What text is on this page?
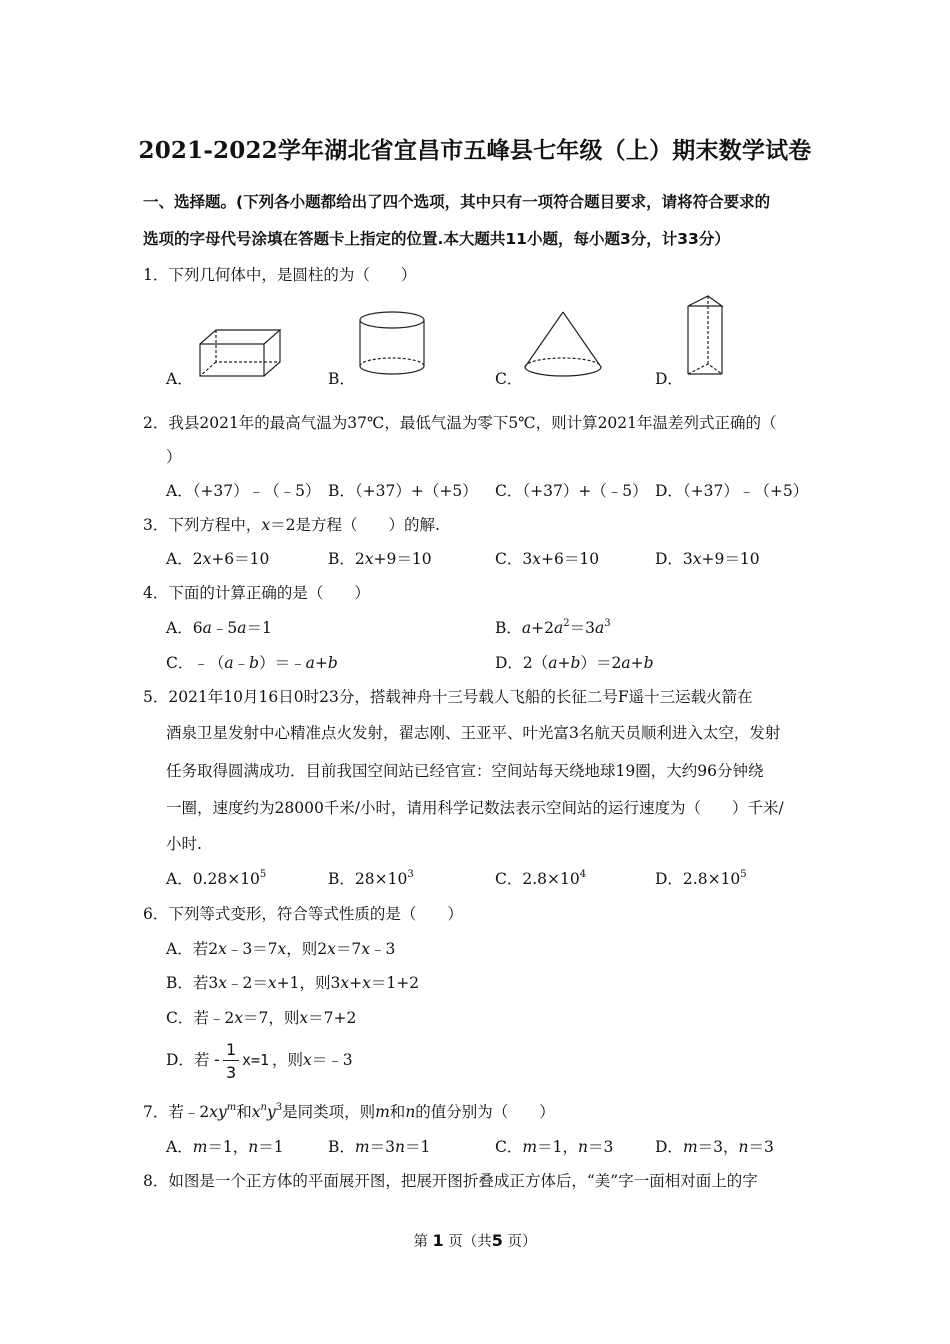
2021-2022学年湖北省宜昌市五峰县七年级（上）期末数学试卷
一、选择题。(下列各小题都给出了四个选项，其中只有一项符合题目要求，请将符合要求的
选项的字母代号涂填在答题卡上指定的位置.本大题共11小题，每小题3分，计33分）
1．下列几何体中，是圆柱的为（　　）
A．	B．	C．	D．
2．我县2021年的最高气温为37℃，最低气温为零下5℃，则计算2021年温差列式正确的（
）
A．（+37）﹣（﹣5） B．（+37）+（+5） C．（+37）+（﹣5） D．（+37）﹣（+5）
3．下列方程中，x＝2是方程（　　）的解.
A．2x+6＝10	B．2x+9＝10	C．3x+6＝10	D．3x+9＝10
4．下面的计算正确的是（　　）
A．6a﹣5a＝1	B．$a+2a^2=3a^3$
C．﹣（a﹣b）＝﹣a+b	D．2（a+b）＝2a+b
5．2021年10月16日0时23分，搭载神舟十三号载人飞船的长征二号F遥十三运载火箭在
酒泉卫星发射中心精准点火发射，翟志刚、王亚平、叶光富3名航天员顺利进入太空，发射
任务取得圆满成功．目前我国空间站已经官宣：空间站每天绕地球19圈，大约96分钟绕
一圈，速度约为28000千米/小时，请用科学记数法表示空间站的运行速度为（　　）千米/
小时.
A．$0.28\times 10^5$	B．$28\times 10^3$	C．$2.8\times 10^4$	D．$2.8\times 10^5$
6．下列等式变形，符合等式性质的是（　　）
A．若2x﹣3＝7x，则2x＝7x﹣3
B．若3x﹣2＝x+1，则3x+x＝1+2
C．若﹣2x＝7，则x＝7+2
D．若 -
1
3
x=1 ，则x＝﹣3
7．若$﹣2xy^m$和$x^ny^3$是同类项，则m和n的值分别为（　　）
A．m＝1，n＝1	B．m＝3n＝1	C．m＝1，n＝3	D．m＝3，n＝3
8．如图是一个正方体的平面展开图，把展开图折叠成正方体后，“美”字一面相对面上的字
第 1 页（共5 页）
